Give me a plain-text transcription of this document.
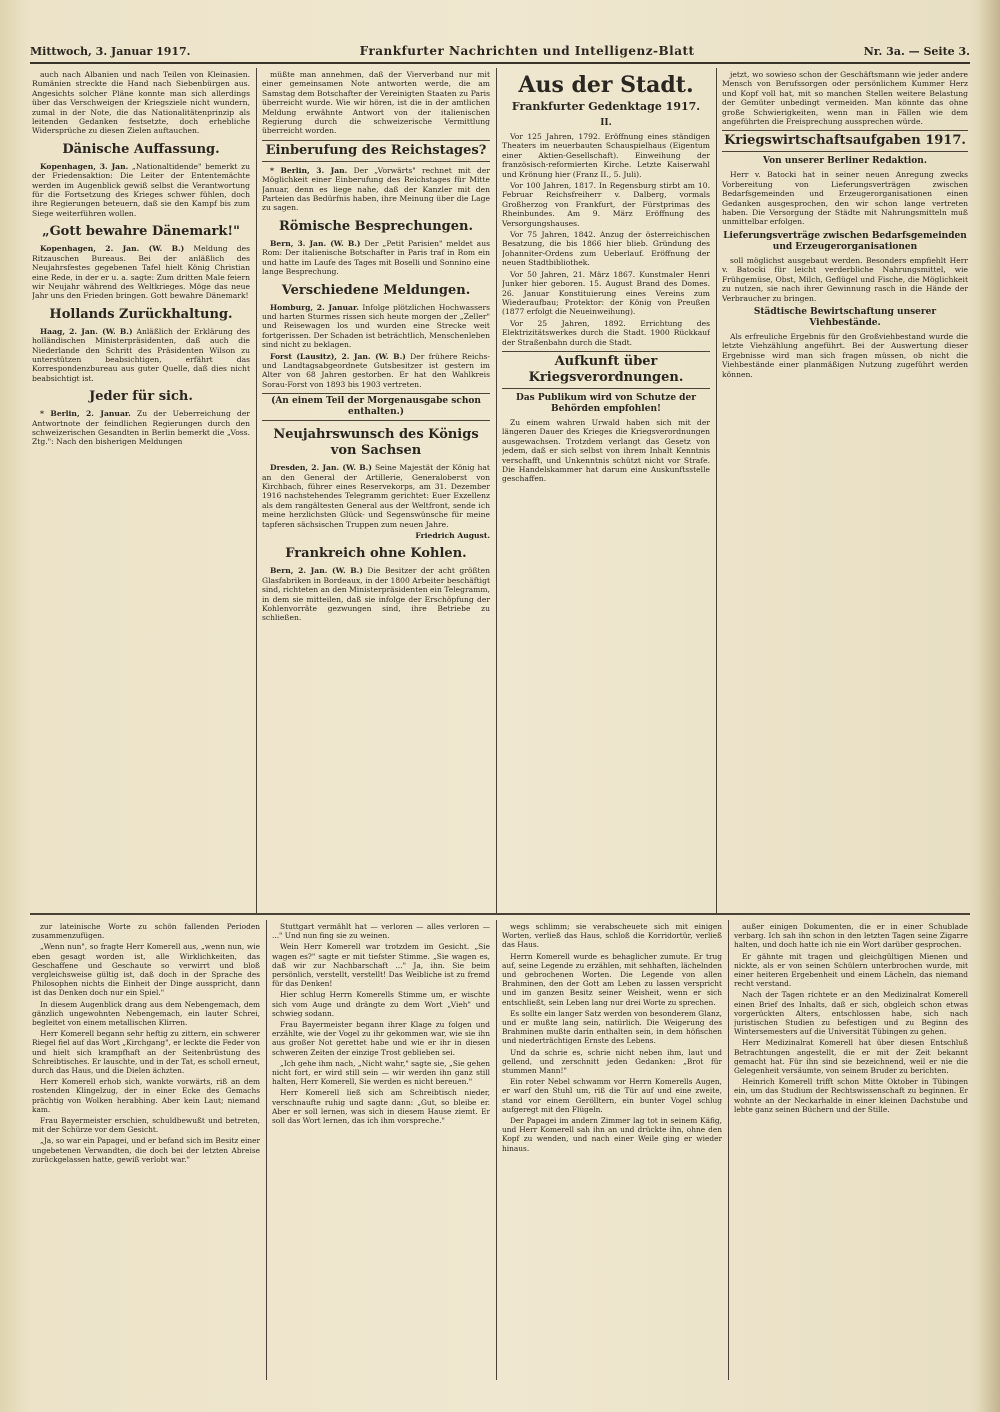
Mittwoch, 3. Januar 1917.	Frankfurter Nachrichten und Intelligenz-Blatt	Nr. 3a. — Seite 3.

auch nach Albanien und nach Teilen von Kleinasien. Rumänien streckte die Hand nach Siebenbürgen aus. Angesichts solcher Pläne konnte man sich allerdings über das Verschweigen der Kriegsziele nicht wundern, zumal in der Note, die das Nationalitätenprinzip als leitenden Gedanken festsetzte, doch erhebliche Widersprüche zu diesen Zielen auftauchen.

Dänische Auffassung.

Kopenhagen, 3. Jan. „Nationaltidende" bemerkt zu der Friedensaktion: Die Leiter der Ententemächte werden im Augenblick gewiß selbst die Verantwortung für die Fortsetzung des Krieges schwer fühlen, doch ihre Regierungen beteuern, daß sie den Kampf bis zum Siege weiterführen wollen.

„Gott bewahre Dänemark!"

Kopenhagen, 2. Jan. (W. B.) Meldung des Ritzauschen Bureaus. Bei der anläßlich des Neujahrsfestes gegebenen Tafel hielt König Christian eine Rede, in der er u. a. sagte: Zum dritten Male feiern wir Neujahr während des Weltkrieges. Möge das neue Jahr uns den Frieden bringen. Gott bewahre Dänemark!

Hollands Zurückhaltung.

Haag, 2. Jan. (W. B.) Anläßlich der Erklärung des holländischen Ministerpräsidenten, daß auch die Niederlande den Schritt des Präsidenten Wilson zu unterstützen beabsichtigen, erfährt das Korrespondenzbureau aus guter Quelle, daß dies nicht beabsichtigt ist.

Jeder für sich.

* Berlin, 2. Januar. Zu der Ueberreichung der Antwortnote der feindlichen Regierungen durch den schweizerischen Gesandten in Berlin bemerkt die „Voss. Ztg.": Nach den bisherigen Meldungen

müßte man annehmen, daß der Vierverband nur mit einer gemeinsamen Note antworten werde, die am Samstag dem Botschafter der Vereinigten Staaten zu Paris überreicht wurde. Wie wir hören, ist die in der amtlichen Meldung erwähnte Antwort von der italienischen Regierung durch die schweizerische Vermittlung überreicht worden.

Einberufung des Reichstages?

* Berlin, 3. Jan. Der „Vorwärts" rechnet mit der Möglichkeit einer Einberufung des Reichstages für Mitte Januar, denn es liege nahe, daß der Kanzler mit den Parteien das Bedürfnis haben, ihre Meinung über die Lage zu sagen.

Römische Besprechungen.

Bern, 3. Jan. (W. B.) Der „Petit Parisien" meldet aus Rom: Der italienische Botschafter in Paris traf in Rom ein und hatte im Laufe des Tages mit Boselli und Sonnino eine lange Besprechung.

Verschiedene Meldungen.

Homburg, 2. Januar. Infolge plötzlichen Hochwassers und harten Sturmes rissen sich heute morgen der „Zeller" und Reisewagen los und wurden eine Strecke weit fortgerissen. Der Schaden ist beträchtlich, Menschenleben sind nicht zu beklagen.

Forst (Lausitz), 2. Jan. (W. B.) Der frühere Reichs- und Landtagsabgeordnete Gutsbesitzer ist gestern im Alter von 68 Jahren gestorben. Er hat den Wahlkreis Sorau-Forst von 1893 bis 1903 vertreten.

(An einem Teil der Morgenausgabe schon enthalten.)
Neujahrswunsch des Königs von Sachsen

Dresden, 2. Jan. (W. B.) Seine Majestät der König hat an den General der Artillerie, Generaloberst von Kirchbach, führer eines Reservekorps, am 31. Dezember 1916 nachstehendes Telegramm gerichtet: Euer Exzellenz als dem rangältesten General aus der Weltfront, sende ich meine herzlichsten Glück- und Segenswünsche für meine tapferen sächsischen Truppen zum neuen Jahre.

Friedrich August.

Frankreich ohne Kohlen.

Bern, 2. Jan. (W. B.) Die Besitzer der acht größten Glasfabriken in Bordeaux, in der 1800 Arbeiter beschäftigt sind, richteten an den Ministerpräsidenten ein Telegramm, in dem sie mitteilen, daß sie infolge der Erschöpfung der Kohlenvorräte gezwungen sind, ihre Betriebe zu schließen.

Aus der Stadt.
Frankfurter Gedenktage 1917.
II.

Vor 125 Jahren, 1792. Eröffnung eines ständigen Theaters im neuerbauten Schauspielhaus (Eigentum einer Aktien-Gesellschaft). Einweihung der französisch-reformierten Kirche. Letzte Kaiserwahl und Krönung hier (Franz II., 5. Juli).

Vor 100 Jahren, 1817. In Regensburg stirbt am 10. Februar Reichsfreiherr v. Dalberg, vormals Großherzog von Frankfurt, der Fürstprimas des Rheinbundes. Am 9. März Eröffnung des Versorgungshauses.

Vor 75 Jahren, 1842. Anzug der österreichischen Besatzung, die bis 1866 hier blieb. Gründung des Johanniter-Ordens zum Ueberlauf. Eröffnung der neuen Stadtbibliothek.

Vor 50 Jahren, 21. März 1867. Kunstmaler Henri Junker hier geboren. 15. August Brand des Domes. 26. Januar Konstituierung eines Vereins zum Wiederaufbau; Protektor: der König von Preußen (1877 erfolgt die Neueinweihung).

Vor 25 Jahren, 1892. Errichtung des Elektrizitätswerkes durch die Stadt. 1900 Rückkauf der Straßenbahn durch die Stadt.

Aufkunft über Kriegsverordnungen.
Das Publikum wird von Schutze der Behörden empfohlen!

Zu einem wahren Urwald haben sich mit der längeren Dauer des Krieges die Kriegsverordnungen ausgewachsen. Trotzdem verlangt das Gesetz von jedem, daß er sich selbst von ihrem Inhalt Kenntnis verschafft, und Unkenntnis schützt nicht vor Strafe. Die Handelskammer hat darum eine Auskunftsstelle geschaffen.

jetzt, wo sowieso schon der Geschäftsmann wie jeder andere Mensch von Berufssorgen oder persönlichem Kummer Herz und Kopf voll hat, mit so manchen Stellen weitere Belastung der Gemüter unbedingt vermeiden. Man könnte das ohne große Schwierigkeiten, wenn man in Fällen wie dem angeführten die Freisprechung aussprechen würde.

Kriegswirtschaftsaufgaben 1917.
Von unserer Berliner Redaktion.

Herr v. Batocki hat in seiner neuen Anregung zwecks Vorbereitung von Lieferungsverträgen zwischen Bedarfsgemeinden und Erzeugerorganisationen einen Gedanken ausgesprochen, den wir schon lange vertreten haben. Die Versorgung der Städte mit Nahrungsmitteln muß unmittelbar erfolgen.

Lieferungsverträge zwischen Bedarfsgemeinden und Erzeugerorganisationen

soll möglichst ausgebaut werden. Besonders empfiehlt Herr v. Batocki für leicht verderbliche Nahrungsmittel, wie Frühgemüse, Obst, Milch, Geflügel und Fische, die Möglichkeit zu nutzen, sie nach ihrer Gewinnung rasch in die Hände der Verbraucher zu bringen.

Städtische Bewirtschaftung unserer Viehbestände.

Als erfreuliche Ergebnis für den Großviehbestand wurde die letzte Viehzählung angeführt. Bei der Auswertung dieser Ergebnisse wird man sich fragen müssen, ob nicht die Viehbestände einer planmäßigen Nutzung zugeführt werden können.

zur lateinische Worte zu schön fallenden Perioden zusammenzufügen.

„Wenn nun", so fragte Herr Komerell aus, „wenn nun, wie eben gesagt worden ist, alle Wirklichkeiten, das Geschaffene und Geschaute so verwirrt und bloß vergleichsweise gültig ist, daß doch in der Sprache des Philosophen nichts die Einheit der Dinge ausspricht, dann ist das Denken doch nur ein Spiel."

In diesem Augenblick drang aus dem Nebengemach, dem gänzlich ungewohnten Nebengemach, ein lauter Schrei, begleitet von einem metallischen Klirren.

Herr Komerell begann sehr heftig zu zittern, ein schwerer Riegel fiel auf das Wort „Kirchgang", er leckte die Feder von und hielt sich krampfhaft an der Seitenbrüstung des Schreibtisches. Er lauschte, und in der Tat, es scholl erneut, durch das Haus, und die Dielen ächzten.

Herr Komerell erhob sich, wankte vorwärts, riß an dem rostenden Klingelzug, der in einer Ecke des Gemachs prächtig von Wolken herabhing. Aber kein Laut; niemand kam.

Frau Bayermeister erschien, schuldbewußt und betreten, mit der Schürze vor dem Gesicht.

„Ja, so war ein Papagei, und er befand sich im Besitz einer ungebetenen Verwandten, die doch bei der letzten Abreise zurückgelassen hatte, gewiß verlobt war."

Stuttgart vermählt hat — verloren — alles verloren — ..." Und nun fing sie zu weinen.

Wein Herr Komerell war trotzdem im Gesicht. „Sie wagen es?" sagte er mit tiefster Stimme. „Sie wagen es, daß wir zur Nachbarschaft ..." Ja, ihn. Sie beim persönlich, verstellt, verstellt! Das Weibliche ist zu fremd für das Denken!

Hier schlug Herrn Komerells Stimme um, er wischte sich vom Auge und drängte zu dem Wort „Vieh" und schwieg sodann.

Frau Bayermeister begann ihrer Klage zu folgen und erzählte, wie der Vogel zu ihr gekommen war, wie sie ihn aus großer Not gerettet habe und wie er ihr in diesen schweren Zeiten der einzige Trost geblieben sei.

„Ich gehe ihm nach, „Nicht wahr," sagte sie, „Sie gehen nicht fort, er wird still sein — wir werden ihn ganz still halten, Herr Komerell, Sie werden es nicht bereuen."

Herr Komerell ließ sich am Schreibtisch nieder, verschnaufte ruhig und sagte dann: „Gut, so bleibe er. Aber er soll lernen, was sich in diesem Hause ziemt. Er soll das Wort lernen, das ich ihm vorspreche."

wegs schlimm; sie verabscheuete sich mit einigen Worten, verließ das Haus, schloß die Korridortür, verließ das Haus.

Herrn Komerell wurde es behaglicher zumute. Er trug auf, seine Legende zu erzählen, mit sehhaften, lächelnden und gebrochenen Worten. Die Legende von allen Brahminen, den der Gott am Leben zu lassen verspricht und im ganzen Besitz seiner Weisheit, wenn er sich entschließt, sein Leben lang nur drei Worte zu sprechen.

Es sollte ein langer Satz werden von besonderem Glanz, und er mußte lang sein, natürlich. Die Weigerung des Brahminen mußte darin enthalten sein, in dem höfischen und niederträchtigen Ernste des Lebens.

Und da schrie es, schrie nicht neben ihm, laut und gellend, und zerschnitt jeden Gedanken: „Brot für stummen Mann!"

Ein roter Nebel schwamm vor Herrn Komerells Augen, er warf den Stuhl um, riß die Tür auf und eine zweite, stand vor einem Gerölltern, ein bunter Vogel schlug aufgeregt mit den Flügeln.

Der Papagei im andern Zimmer lag tot in seinem Käfig, und Herr Komerell sah ihn an und drückte ihn, ohne den Kopf zu wenden, und nach einer Weile ging er wieder hinaus.

außer einigen Dokumenten, die er in einer Schublade verbarg. Ich sah ihn schon in den letzten Tagen seine Zigarre halten, und doch hatte ich nie ein Wort darüber gesprochen.

Er gähnte mit tragen und gleichgültigen Mienen und nickte, als er von seinen Schülern unterbrochen wurde, mit einer heiteren Ergebenheit und einem Lächeln, das niemand recht verstand.

Nach der Tagen richtete er an den Medizinalrat Komerell einen Brief des Inhalts, daß er sich, obgleich schon etwas vorgerückten Alters, entschlossen habe, sich nach juristischen Studien zu befestigen und zu Beginn des Wintersemesters auf die Universität Tübingen zu gehen.

Herr Medizinalrat Komerell hat über diesen Entschluß Betrachtungen angestellt, die er mit der Zeit bekannt gemacht hat. Für ihn sind sie bezeichnend, weil er nie die Gelegenheit versäumte, von seinem Bruder zu berichten.

Heinrich Komerell trifft schon Mitte Oktober in Tübingen ein, um das Studium der Rechtswissenschaft zu beginnen. Er wohnte an der Neckarhalde in einer kleinen Dachstube und lebte ganz seinen Büchern und der Stille.
